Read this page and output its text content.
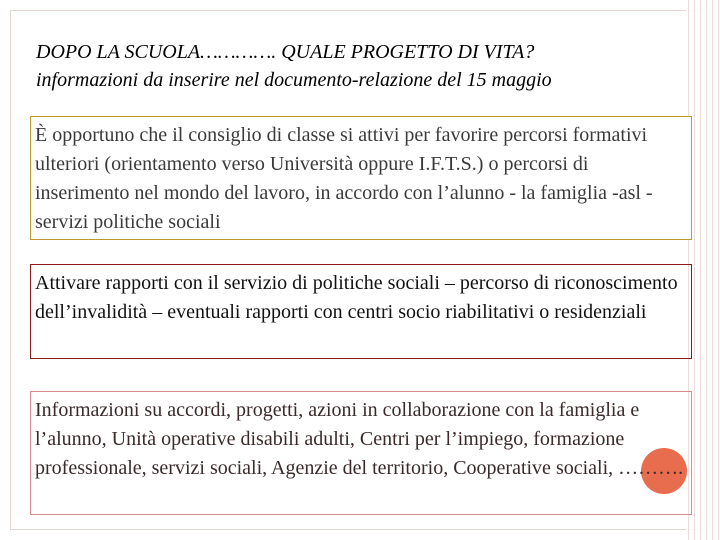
DOPO LA SCUOLA…………. QUALE PROGETTO DI VITA?
informazioni da inserire nel documento-relazione del 15 maggio
È opportuno che il consiglio di classe si attivi per favorire percorsi formativi ulteriori (orientamento verso Università oppure I.F.T.S.) o percorsi di inserimento nel mondo del lavoro, in accordo con l’alunno - la famiglia -asl - servizi politiche sociali
Attivare rapporti con il servizio di politiche sociali – percorso di riconoscimento dell’invalidità – eventuali rapporti con centri socio riabilitativi o residenziali
Informazioni su accordi, progetti, azioni in collaborazione con la famiglia e l’alunno, Unità operative disabili adulti, Centri per l’impiego, formazione professionale, servizi sociali, Agenzie del territorio, Cooperative sociali, ……….
